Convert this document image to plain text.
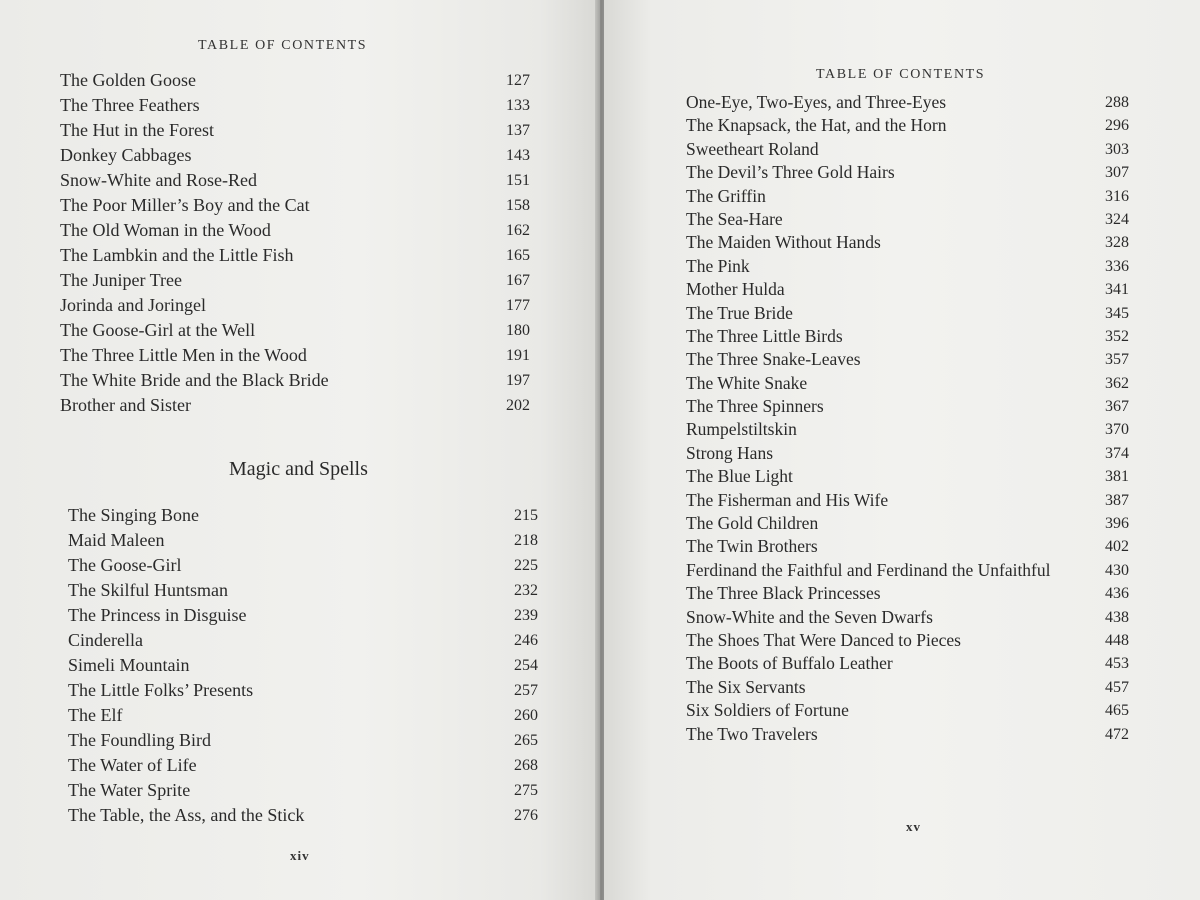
TABLE OF CONTENTS
The Golden Goose	127
The Three Feathers	133
The Hut in the Forest	137
Donkey Cabbages	143
Snow-White and Rose-Red	151
The Poor Miller’s Boy and the Cat	158
The Old Woman in the Wood	162
The Lambkin and the Little Fish	165
The Juniper Tree	167
Jorinda and Joringel	177
The Goose-Girl at the Well	180
The Three Little Men in the Wood	191
The White Bride and the Black Bride	197
Brother and Sister	202
Magic and Spells
The Singing Bone	215
Maid Maleen	218
The Goose-Girl	225
The Skilful Huntsman	232
The Princess in Disguise	239
Cinderella	246
Simeli Mountain	254
The Little Folks’ Presents	257
The Elf	260
The Foundling Bird	265
The Water of Life	268
The Water Sprite	275
The Table, the Ass, and the Stick	276
xiv
TABLE OF CONTENTS
One-Eye, Two-Eyes, and Three-Eyes	288
The Knapsack, the Hat, and the Horn	296
Sweetheart Roland	303
The Devil’s Three Gold Hairs	307
The Griffin	316
The Sea-Hare	324
The Maiden Without Hands	328
The Pink	336
Mother Hulda	341
The True Bride	345
The Three Little Birds	352
The Three Snake-Leaves	357
The White Snake	362
The Three Spinners	367
Rumpelstiltskin	370
Strong Hans	374
The Blue Light	381
The Fisherman and His Wife	387
The Gold Children	396
The Twin Brothers	402
Ferdinand the Faithful and Ferdinand the Unfaithful	430
The Three Black Princesses	436
Snow-White and the Seven Dwarfs	438
The Shoes That Were Danced to Pieces	448
The Boots of Buffalo Leather	453
The Six Servants	457
Six Soldiers of Fortune	465
The Two Travelers	472
xv
